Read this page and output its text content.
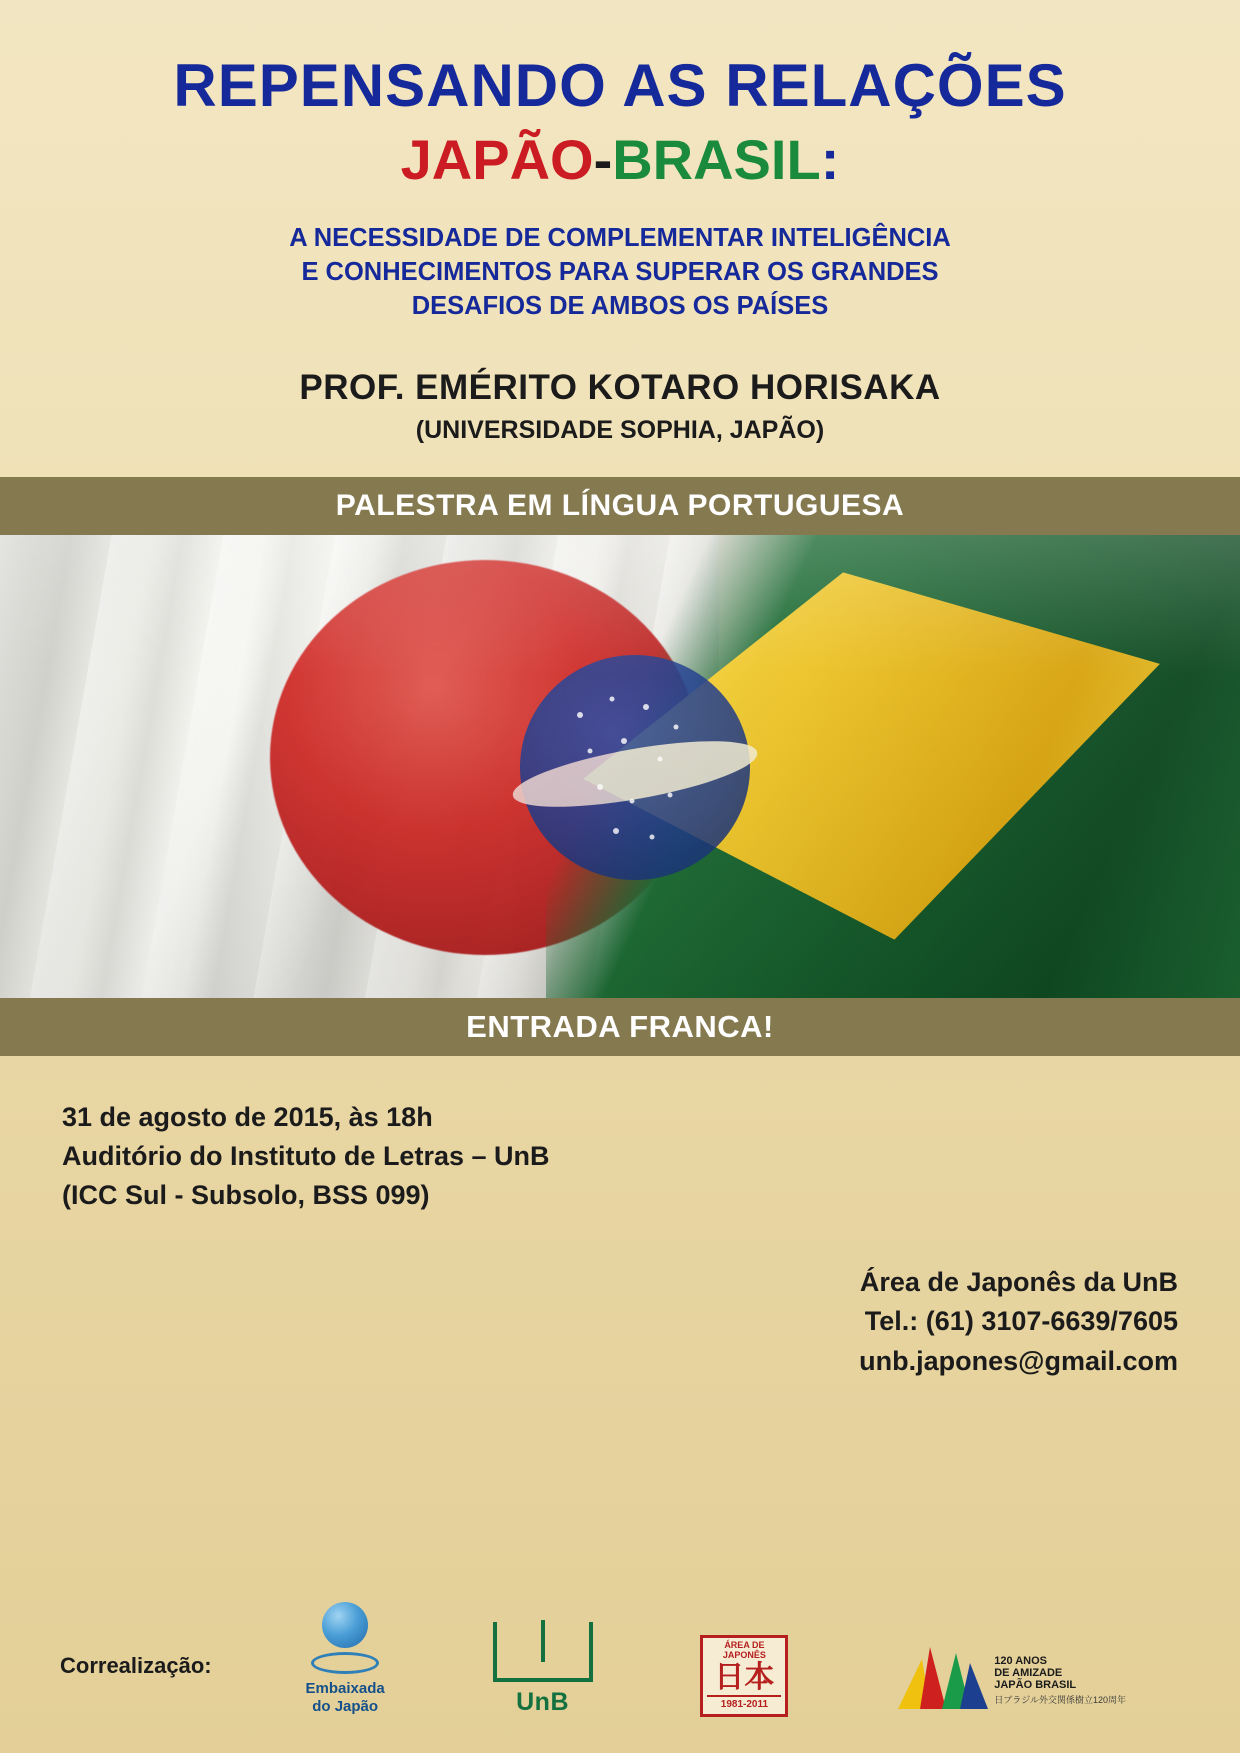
REPENSANDO AS RELAÇÕES
JAPÃO-BRASIL:
A NECESSIDADE DE COMPLEMENTAR INTELIGÊNCIA
E CONHECIMENTOS PARA SUPERAR OS GRANDES
DESAFIOS DE AMBOS OS PAÍSES
PROF. EMÉRITO KOTARO HORISAKA
(UNIVERSIDADE SOPHIA, JAPÃO)
PALESTRA EM LÍNGUA PORTUGUESA
ENTRADA FRANCA!
31 de agosto de 2015, às 18h
Auditório do Instituto de Letras – UnB
(ICC Sul - Subsolo, BSS 099)
Área de Japonês da UnB
Tel.: (61) 3107-6639/7605
unb.japones@gmail.com
Correalização:
Embaixada
do Japão	UnB
ÁREA DE
JAPONÊS
日本
1981-2011
120 ANOS
DE AMIZADE
JAPÃO BRASIL
日ブラジル外交関係樹立120周年
